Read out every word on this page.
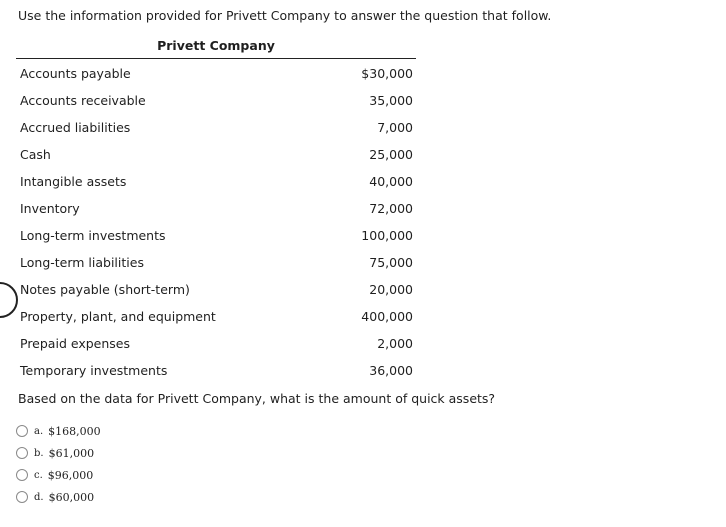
Use the information provided for Privett Company to answer the question that follow.
Privett Company
Accounts payable	$30,000
Accounts receivable	35,000
Accrued liabilities	7,000
Cash	25,000
Intangible assets	40,000
Inventory	72,000
Long-term investments	100,000
Long-term liabilities	75,000
Notes payable (short-term)	20,000
Property, plant, and equipment	400,000
Prepaid expenses	2,000
Temporary investments	36,000
Based on the data for Privett Company, what is the amount of quick assets?
a. $168,000
b. $61,000
c. $96,000
d. $60,000
